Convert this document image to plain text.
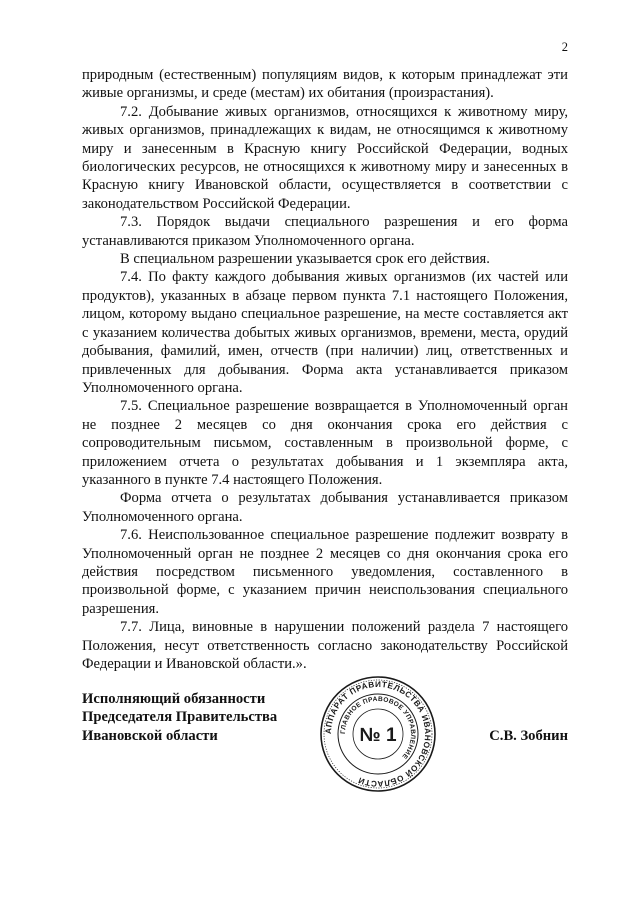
2

природным (естественным) популяциям видов, к которым принадлежат эти живые организмы, и среде (местам) их обитания (произрастания).

7.2. Добывание живых организмов, относящихся к животному миру, живых организмов, принадлежащих к видам, не относящимся к животному миру и занесенным в Красную книгу Российской Федерации, водных биологических ресурсов, не относящихся к животному миру и занесенных в Красную книгу Ивановской области, осуществляется в соответствии с законодательством Российской Федерации.

7.3. Порядок выдачи специального разрешения и его форма устанавливаются приказом Уполномоченного органа.

В специальном разрешении указывается срок его действия.

7.4. По факту каждого добывания живых организмов (их частей или продуктов), указанных в абзаце первом пункта 7.1 настоящего Положения, лицом, которому выдано специальное разрешение, на месте составляется акт с указанием количества добытых живых организмов, времени, места, орудий добывания, фамилий, имен, отчеств (при наличии) лиц, ответственных и привлеченных для добывания. Форма акта устанавливается приказом Уполномоченного органа.

7.5. Специальное разрешение возвращается в Уполномоченный орган не позднее 2 месяцев со дня окончания срока его действия с сопроводительным письмом, составленным в произвольной форме, с приложением отчета о результатах добывания и 1 экземпляра акта, указанного в пункте 7.4 настоящего Положения.

Форма отчета о результатах добывания устанавливается приказом Уполномоченного органа.

7.6. Неиспользованное специальное разрешение подлежит возврату в Уполномоченный орган не позднее 2 месяцев со дня окончания срока его действия посредством письменного уведомления, составленного в произвольной форме, с указанием причин неиспользования специального разрешения.

7.7. Лица, виновные в нарушении положений раздела 7 настоящего Положения, несут ответственность согласно законодательству Российской Федерации и Ивановской области.».

Исполняющий обязанности
Председателя Правительства
Ивановской области	АППАРАТ ПРАВИТЕЛЬСТВА ИВАНОВСКОЙ ОБЛАСТИ
ГЛАВНОЕ ПРАВОВОЕ УПРАВЛЕНИЕ
№ 1	С.В. Зобнин
